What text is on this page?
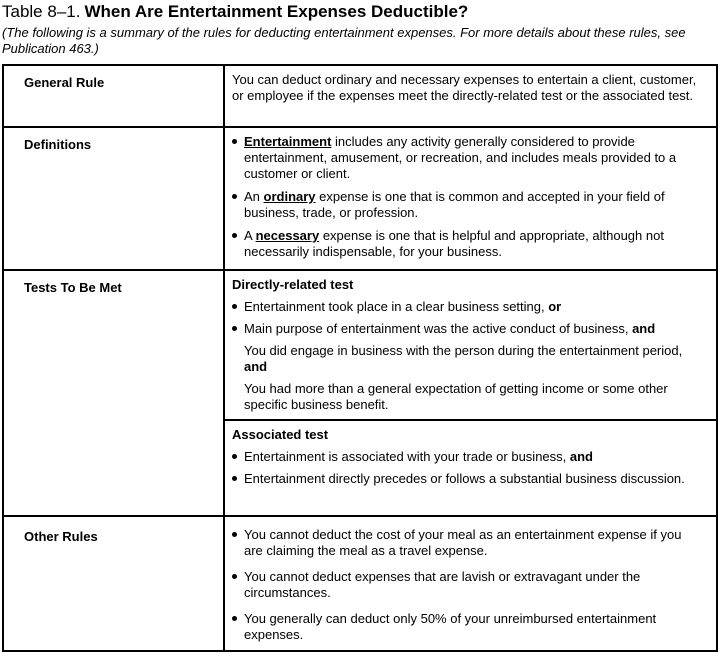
Table 8–1. When Are Entertainment Expenses Deductible?
(The following is a summary of the rules for deducting entertainment expenses. For more details about these rules, see Publication 463.)
General Rule	You can deduct ordinary and necessary expenses to entertain a client, customer, or employee if the expenses meet the directly-related test or the associated test.

Definitions	Entertainment includes any activity generally considered to provide entertainment, amusement, or recreation, and includes meals provided to a customer or client.

An ordinary expense is one that is common and accepted in your field of business, trade, or profession.

A necessary expense is one that is helpful and appropriate, although not necessarily indispensable, for your business.

Tests To Be Met	Directly-related test

Entertainment took place in a clear business setting, or

Main purpose of entertainment was the active conduct of business, and

You did engage in business with the person during the entertainment period, and

You had more than a general expectation of getting income or some other specific business benefit.

Associated test

Entertainment is associated with your trade or business, and

Entertainment directly precedes or follows a substantial business discussion.

Other Rules	You cannot deduct the cost of your meal as an entertainment expense if you are claiming the meal as a travel expense.

You cannot deduct expenses that are lavish or extravagant under the circumstances.

You generally can deduct only 50% of your unreimbursed entertainment expenses.
